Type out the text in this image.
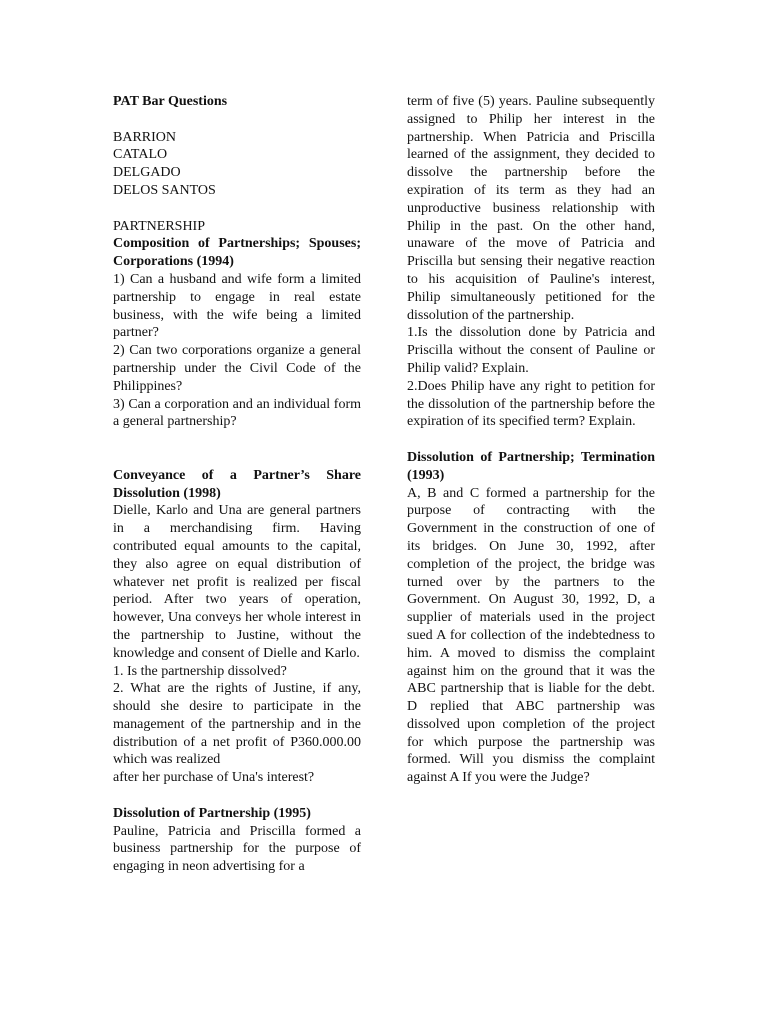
PAT Bar Questions

BARRION

CATALO

DELGADO

DELOS SANTOS

PARTNERSHIP

Composition of Partnerships; Spouses; Corporations (1994)

1) Can a husband and wife form a limited partnership to engage in real estate business, with the wife being a limited partner?

2) Can two corporations organize a general partnership under the Civil Code of the Philippines?

3) Can a corporation and an individual form a general partnership?

Conveyance of a Partner’s Share Dissolution (1998)

Dielle, Karlo and Una are general partners in a merchandising firm. Having contributed equal amounts to the capital, they also agree on equal distribution of whatever net profit is realized per fiscal period. After two years of operation, however, Una conveys her whole interest in the partnership to Justine, without the knowledge and consent of Dielle and Karlo.

1. Is the partnership dissolved?

2. What are the rights of Justine, if any, should she desire to participate in the management of the partnership and in the distribution of a net profit of P360.000.00 which was realized

after her purchase of Una's interest?

Dissolution of Partnership (1995)

Pauline, Patricia and Priscilla formed a business partnership for the purpose of engaging in neon advertising for a

term of five (5) years. Pauline subsequently assigned to Philip her interest in the partnership. When Patricia and Priscilla learned of the assignment, they decided to dissolve the partnership before the expiration of its term as they had an unproductive business relationship with Philip in the past. On the other hand, unaware of the move of Patricia and Priscilla but sensing their negative reaction to his acquisition of Pauline's interest, Philip simultaneously petitioned for the dissolution of the partnership.

1.Is the dissolution done by Patricia and Priscilla without the consent of Pauline or Philip valid? Explain.

2.Does Philip have any right to petition for the dissolution of the partnership before the expiration of its specified term? Explain.

Dissolution of Partnership; Termination (1993)

A, B and C formed a partnership for the purpose of contracting with the Government in the construction of one of its bridges. On June 30, 1992, after completion of the project, the bridge was turned over by the partners to the Government. On August 30, 1992, D, a supplier of materials used in the project sued A for collection of the indebtedness to him. A moved to dismiss the complaint against him on the ground that it was the ABC partnership that is liable for the debt. D replied that ABC partnership was dissolved upon completion of the project for which purpose the partnership was formed. Will you dismiss the complaint against A If you were the Judge?
